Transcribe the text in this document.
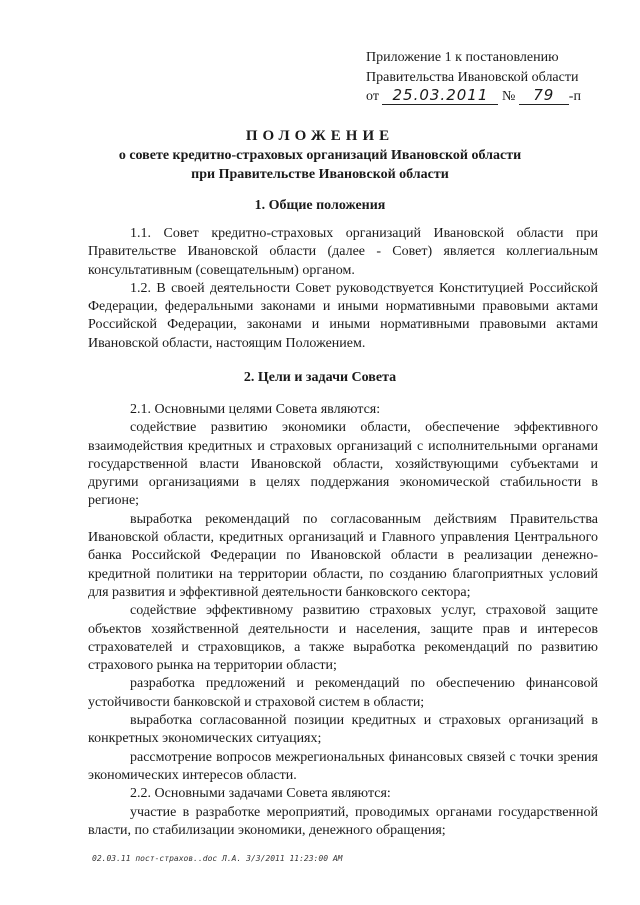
Приложение 1 к постановлению
Правительства Ивановской области
от 25.03.2011 № 79 -п
ПОЛОЖЕНИЕ
о совете кредитно-страховых организаций Ивановской области
при Правительстве Ивановской области
1. Общие положения

1.1. Совет кредитно-страховых организаций Ивановской области при Правительстве Ивановской области (далее - Совет) является коллегиальным консультативным (совещательным) органом.

1.2. В своей деятельности Совет руководствуется Конституцией Российской Федерации, федеральными законами и иными нормативными правовыми актами Российской Федерации, законами и иными нормативными правовыми актами Ивановской области, настоящим Положением.

2. Цели и задачи Совета

2.1. Основными целями Совета являются:

содействие развитию экономики области, обеспечение эффективного взаимодействия кредитных и страховых организаций с исполнительными органами государственной власти Ивановской области, хозяйствующими субъектами и другими организациями в целях поддержания экономической стабильности в регионе;

выработка рекомендаций по согласованным действиям Правительства Ивановской области, кредитных организаций и Главного управления Центрального банка Российской Федерации по Ивановской области в реализации денежно-кредитной политики на территории области, по созданию благоприятных условий для развития и эффективной деятельности банковского сектора;

содействие эффективному развитию страховых услуг, страховой защите объектов хозяйственной деятельности и населения, защите прав и интересов страхователей и страховщиков, а также выработка рекомендаций по развитию страхового рынка на территории области;

разработка предложений и рекомендаций по обеспечению финансовой устойчивости банковской и страховой систем в области;

выработка согласованной позиции кредитных и страховых организаций в конкретных экономических ситуациях;

рассмотрение вопросов межрегиональных финансовых связей с точки зрения экономических интересов области.

2.2. Основными задачами Совета являются:

участие в разработке мероприятий, проводимых органами государственной власти, по стабилизации экономики, денежного обращения;

02.03.11 пост-страхов..doc Л.А. 3/3/2011 11:23:00 AM
